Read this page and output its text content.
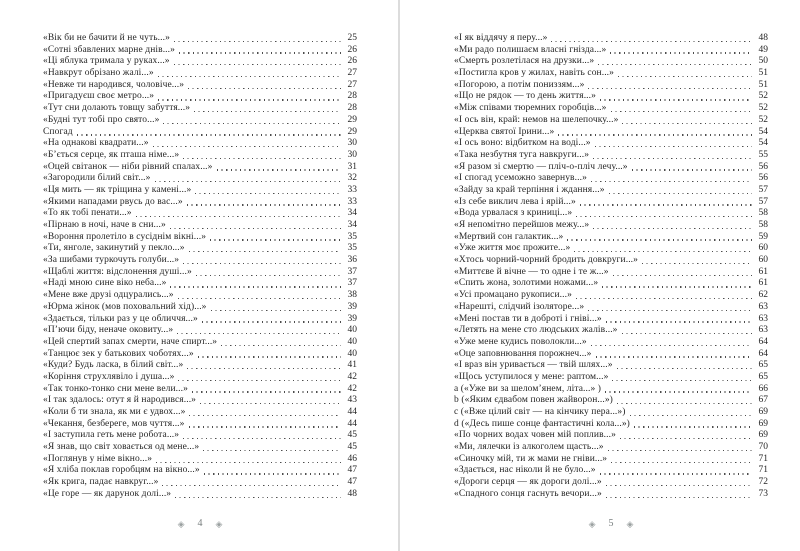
«Вік би не бачити й не чуть...»	25
«Сотні збавлених марне днів...»	26
«Ці яблука тримала у руках...»	26
«Навкрут обрізано жалі...»	27
«Невже ти народився, чоловіче...»	27
«Пригадуєш своє метро...»	28
«Тут сни долають товщу забуття...»	28
«Будні тут тобі про свято...»	29
Спогад	29
«На однакові квадрати...»	30
«Б’ється серце, як пташа німе...»	30
«Оцей світанок — ніби рівний спалах...»	31
«Загородили білий світ...»	32
«Ця мить — як тріщина у камені...»	33
«Якими нападами рвусь до вас...»	33
«То як тобі пенати...»	34
«Пірнаю в ночі, наче в сни...»	34
«Вороння пролетіло в сусіднім вікні...»	35
«Ти, янголе, закинутий у пекло...»	35
«За шибами туркочуть голуби...»	36
«Щаблі життя: відслонення душі...»	37
«Наді мною сине віко неба...»	37
«Мене вже друзі одцурались...»	38
«Юрма жінок (мов поховальний хід)...»	39
«Здається, тільки раз у це обличчя...»	39
«П’ючи біду, неначе оковиту...»	40
«Цей спертий запах смерти, наче спирт...»	40
«Танцює зек у батькових чоботях...»	40
«Куди? Будь ласка, в білий світ...»	41
«Коріння струхлявіло і душа...»	42
«Так тонко-тонко сни мене вели...»	42
«І так здалось: отут я й народився...»	43
«Коли б ти знала, як ми є удвох...»	44
«Чекання, безбереге, мов чуття...»	44
«І заступила геть мене робота...»	45
«Я знав, що світ ховається од мене...»	45
«Поглянув у німе вікно...»	46
«Я хліба поклав горобцям на вікно...»	47
«Як крига, падає навкруг...»	47
«Це горе — як дарунок долі...»	48
◈ 4 ◈
«І як віддячу я перу...»	48
«Ми радо полишаєм власні гнізда...»	49
«Смерть розлетілася на друзки...»	50
«Постигла кров у жилах, навіть сон...»	51
«Погорою, а потім пониззям...»	51
«Що не рядок — то день життя...»	52
«Між співами тюремних горобців...»	52
«І ось він, край: немов на шелепочку...»	52
«Церква святої Ірини...»	54
«І ось воно: відбитком на воді...»	54
«Така незбутня туга навкруги...»	55
«Я разом зі смертю — пліч-о-пліч лечу...»	56
«І спогад усеможно завернув...»	56
«Зайду за край терпіння і ждання...»	57
«Із себе виклич лева і ярій...»	57
«Вода урвалася з криниці...»	58
«Я непомітно перейшов межу...»	58
«Мертвий сон галактик...»	59
«Уже життя моє прожите...»	60
«Хтось чорний-чорний бродить довкруги...»	60
«Миттєве й вічне — то одне і те ж...»	61
«Спить жона, золотими ножами...»	61
«Усі промацано рукописи...»	62
«Нарешті, слідчий ізоляторе...»	63
«Мені постав ти в доброті і гніві...»	63
«Летять на мене сто людських жалів...»	63
«Уже мене кудись поволокли...»	64
«Оце заповнювання порожнеч...»	64
«І враз він уривається — твій шлях...»	65
«Щось уступилося у мене: раптом...»	65
a («Уже ви за шелом’янем, літа...» )	66
b («Яким єдвабом повен жайворон...»)	67
c («Вже цілий світ — на кінчику пера...»)	69
d («Десь пише сонце фантастичні кола...»)	69
«По чорних водах човен мій поплив...»	69
«Ми, лялечки із алкоголем щасть...»	70
«Синочку мій, ти ж мами не гніви...»	71
«Здається, нас ніколи й не було...»	71
«Дороги серця — як дороги долі...»	72
«Спадного сонця гаснуть вечори...»	73
◈ 5 ◈
